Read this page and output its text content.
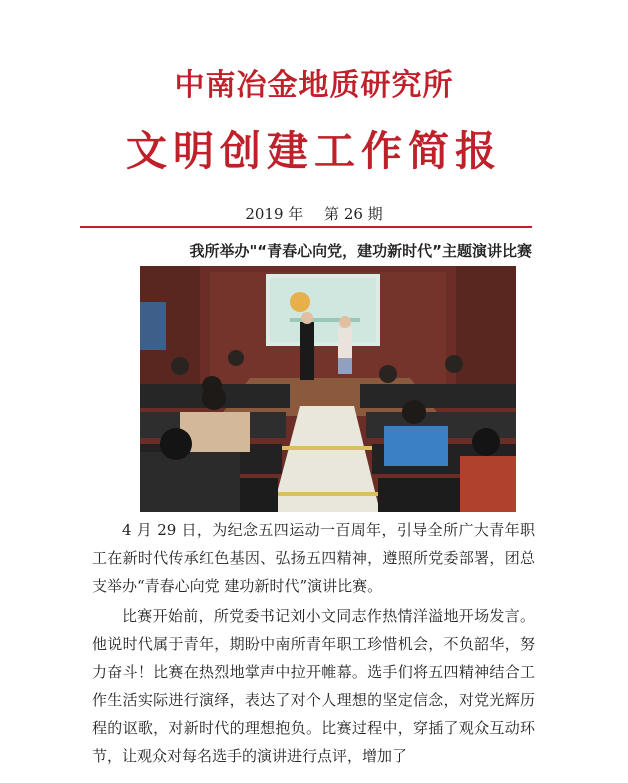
中南冶金地质研究所
文明创建工作简报
2019 年 第 26 期
我所举办"“青春心向党，建功新时代”主题演讲比赛

4 月 29 日，为纪念五四运动一百周年，引导全所广大青年职工在新时代传承红色基因、弘扬五四精神，遵照所党委部署，团总支举办“青春心向党 建功新时代”演讲比赛。

比赛开始前，所党委书记刘小文同志作热情洋溢地开场发言。他说时代属于青年，期盼中南所青年职工珍惜机会，不负韶华，努力奋斗！比赛在热烈地掌声中拉开帷幕。选手们将五四精神结合工作生活实际进行演绎，表达了对个人理想的坚定信念，对党光辉历程的讴歌，对新时代的理想抱负。比赛过程中，穿插了观众互动环节，让观众对每名选手的演讲进行点评，增加了
